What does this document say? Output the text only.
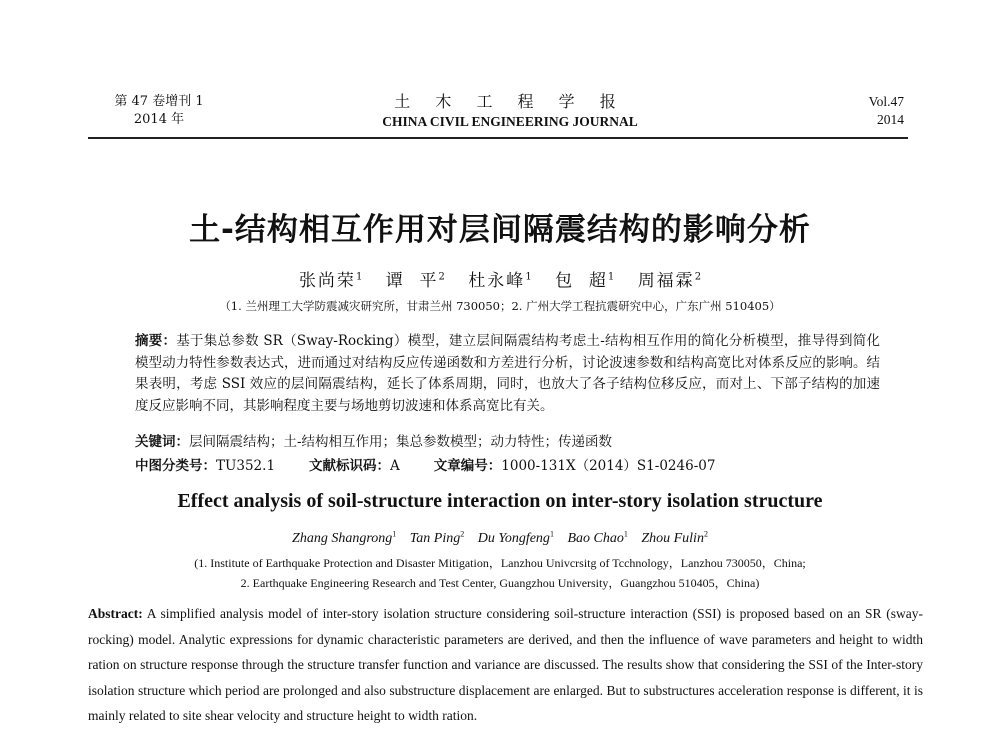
第 47 卷增刊 1
2014 年
土 木 工 程 学 报
CHINA CIVIL ENGINEERING JOURNAL
Vol.47
2014
土-结构相互作用对层间隔震结构的影响分析
张尚荣$^1$ 谭  平$^2$ 杜永峰$^1$ 包  超$^1$ 周福霖$^2$
（1. 兰州理工大学防震减灾研究所，甘肃兰州 730050；2. 广州大学工程抗震研究中心，广东广州 510405）
摘要：基于集总参数 SR（Sway-Rocking）模型，建立层间隔震结构考虑土-结构相互作用的简化分析模型，推导得到简化模型动力特性参数表达式，进而通过对结构反应传递函数和方差进行分析，讨论波速参数和结构高宽比对体系反应的影响。结果表明，考虑 SSI 效应的层间隔震结构，延长了体系周期，同时，也放大了各子结构位移反应，而对上、下部子结构的加速度反应影响不同，其影响程度主要与场地剪切波速和体系高宽比有关。
关键词：层间隔震结构；土-结构相互作用；集总参数模型；动力特性；传递函数
中图分类号：TU352.1	文献标识码：A	文章编号：1000-131X（2014）S1-0246-07
Effect analysis of soil-structure interaction on inter-story isolation structure
Zhang Shangrong$^1$ Tan Ping$^2$ Du Yongfeng$^1$ Bao Chao$^1$ Zhou Fulin$^2$
(1. Institute of Earthquake Protection and Disaster Mitigation，Lanzhou Univcrsitg of Tcchnology，Lanzhou 730050，China;
2. Earthquake Engineering Research and Test Center, Guangzhou University，Guangzhou 510405，China)
Abstract: A simplified analysis model of inter-story isolation structure considering soil-structure interaction (SSI) is proposed based on an SR (sway-rocking) model. Analytic expressions for dynamic characteristic parameters are derived, and then the influence of wave parameters and height to width ration on structure response through the structure transfer function and variance are discussed. The results show that considering the SSI of the Inter-story isolation structure which period are prolonged and also substructure displacement are enlarged. But to substructures acceleration response is different, it is mainly related to site shear velocity and structure height to width ration.
